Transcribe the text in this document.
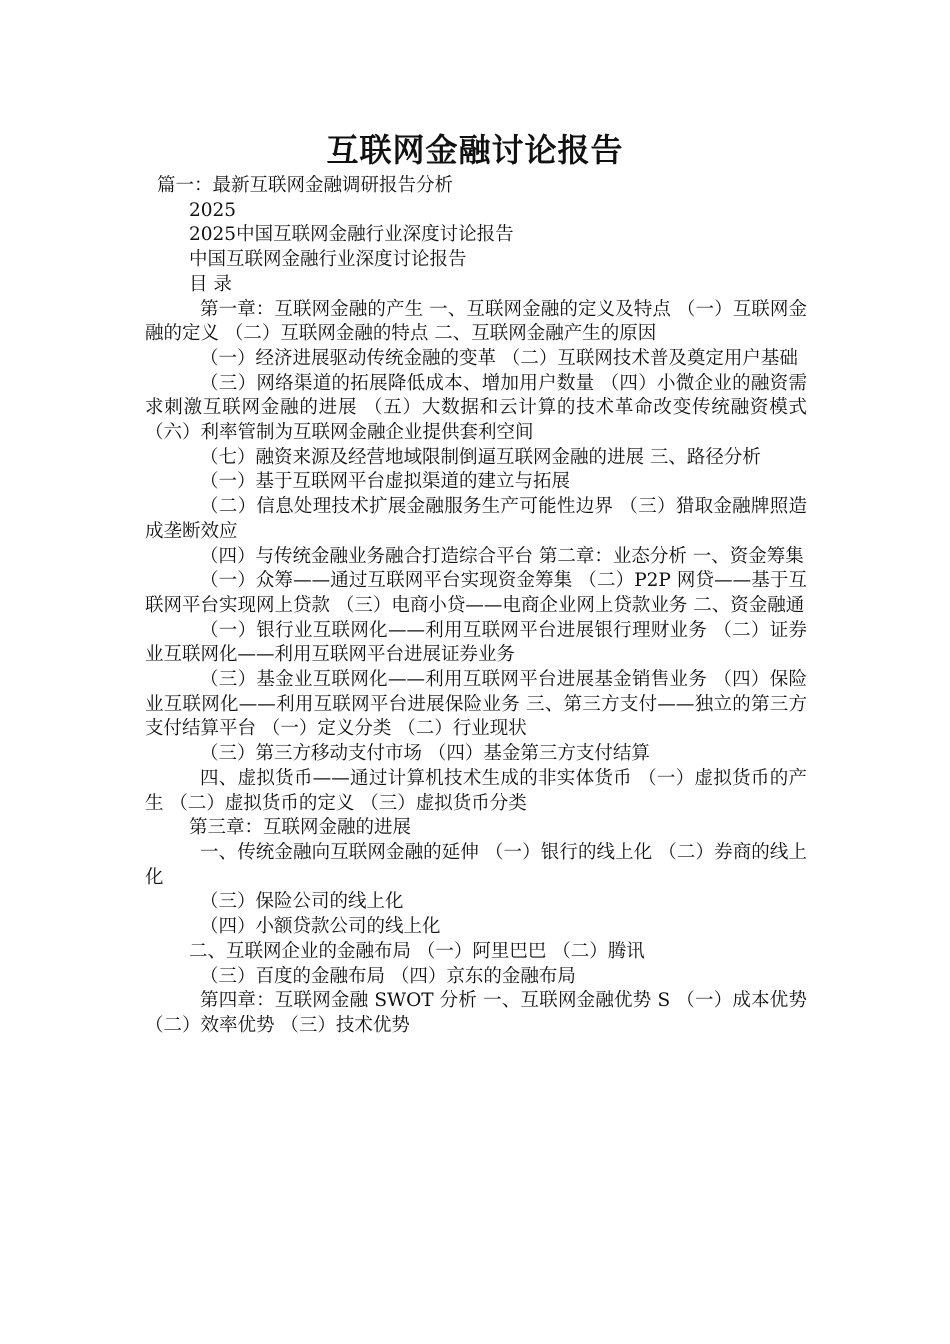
互联网金融讨论报告

篇一：最新互联网金融调研报告分析

2025

2025中国互联网金融行业深度讨论报告

中国互联网金融行业深度讨论报告

目 录

第一章：互联网金融的产生 一、互联网金融的定义及特点 （一）互联网金融的定义 （二）互联网金融的特点 二、互联网金融产生的原因

（一）经济进展驱动传统金融的变革 （二）互联网技术普及奠定用户基础

（三）网络渠道的拓展降低成本、增加用户数量 （四）小微企业的融资需求刺激互联网金融的进展 （五）大数据和云计算的技术革命改变传统融资模式 （六）利率管制为互联网金融企业提供套利空间

（七）融资来源及经营地域限制倒逼互联网金融的进展 三、路径分析

（一）基于互联网平台虚拟渠道的建立与拓展

（二）信息处理技术扩展金融服务生产可能性边界 （三）猎取金融牌照造成垄断效应

（四）与传统金融业务融合打造综合平台 第二章：业态分析 一、资金筹集

（一）众筹——通过互联网平台实现资金筹集 （二）P2P 网贷——基于互联网平台实现网上贷款 （三）电商小贷——电商企业网上贷款业务 二、资金融通

（一）银行业互联网化——利用互联网平台进展银行理财业务 （二）证券业互联网化——利用互联网平台进展证券业务

（三）基金业互联网化——利用互联网平台进展基金销售业务 （四）保险业互联网化——利用互联网平台进展保险业务 三、第三方支付——独立的第三方支付结算平台 （一）定义分类 （二）行业现状

（三）第三方移动支付市场 （四）基金第三方支付结算

四、虚拟货币——通过计算机技术生成的非实体货币 （一）虚拟货币的产生 （二）虚拟货币的定义 （三）虚拟货币分类

第三章：互联网金融的进展

一、传统金融向互联网金融的延伸 （一）银行的线上化 （二）券商的线上化

（三）保险公司的线上化

（四）小额贷款公司的线上化

二、互联网企业的金融布局 （一）阿里巴巴 （二）腾讯

（三）百度的金融布局 （四）京东的金融布局

第四章：互联网金融 SWOT 分析 一、互联网金融优势 S （一）成本优势 （二）效率优势 （三）技术优势
